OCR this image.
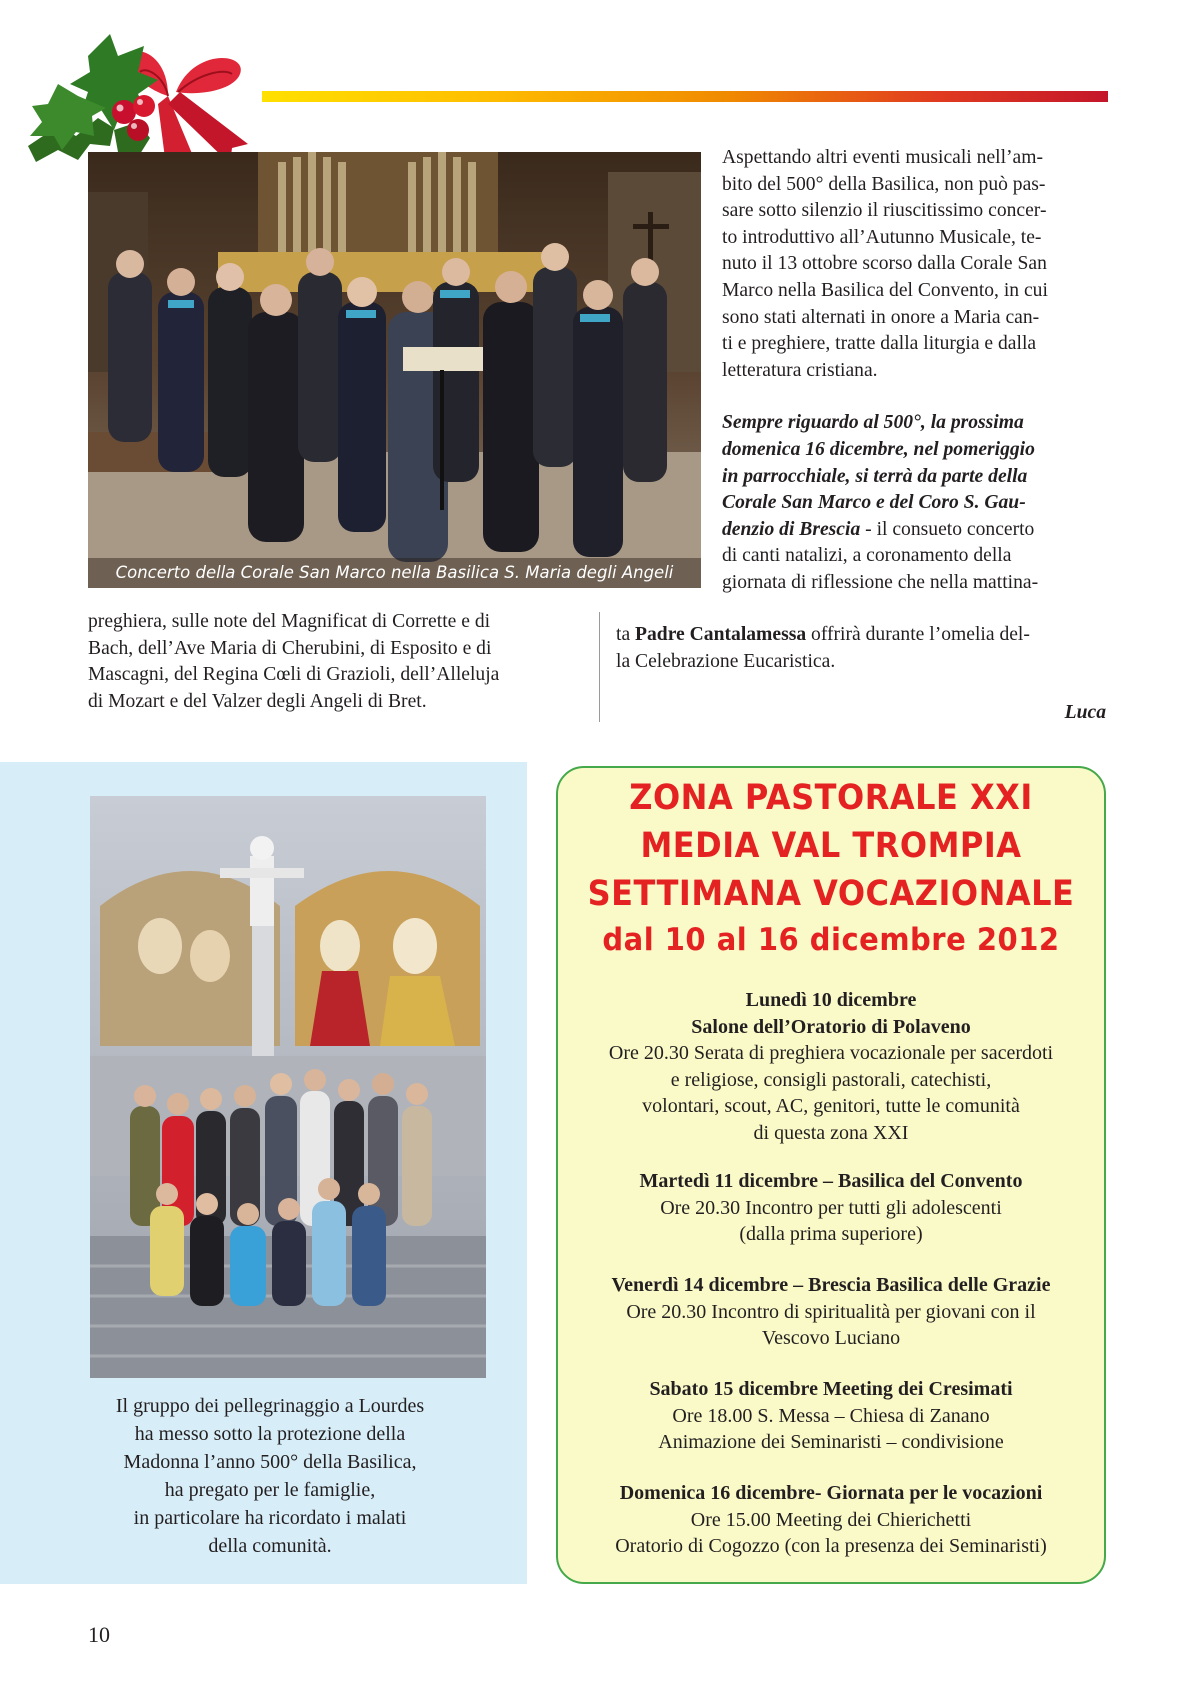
Concerto della Corale San Marco nella Basilica S. Maria degli Angeli

Aspettando altri eventi musicali nell’am-
bito del 500° della Basilica, non può pas-
sare sotto silenzio il riuscitissimo concer-
to introduttivo all’Autunno Musicale, te-
nuto il 13 ottobre scorso dalla Corale San
Marco nella Basilica del Convento, in cui
sono stati alternati in onore a Maria can-
ti e preghiere, tratte dalla liturgia e dalla
letteratura cristiana.

Sempre riguardo al 500°, la prossima
domenica 16 dicembre, nel pomeriggio
in parrocchiale, si terrà da parte della
Corale San Marco e del Coro S. Gau-
denzio di Brescia - il consueto concerto
di canti natalizi, a coronamento della
giornata di riflessione che nella mattina-

ta Padre Cantalamessa offrirà durante l’omelia del-
la Celebrazione Eucaristica.
preghiera, sulle note del Magnificat di Corrette e di
Bach, dell’Ave Maria di Cherubini, di Esposito e di
Mascagni, del Regina Cœli di Grazioli, dell’Alleluja
di Mozart e del Valzer degli Angeli di Bret.
Luca
Il gruppo dei pellegrinaggio a Lourdes
ha messo sotto la protezione della
Madonna l’anno 500° della Basilica,
ha pregato per le famiglie,
in particolare ha ricordato i malati
della comunità.
ZONA PASTORALE XXI
MEDIA VAL TROMPIA
SETTIMANA VOCAZIONALE
dal 10 al 16 dicembre 2012
Lunedì 10 dicembre
Salone dell’Oratorio di Polaveno
Ore 20.30 Serata di preghiera vocazionale per sacerdoti
e religiose, consigli pastorali, catechisti,
volontari, scout, AC, genitori, tutte le comunità
di questa zona XXI
Martedì 11 dicembre – Basilica del Convento
Ore 20.30 Incontro per tutti gli adolescenti
(dalla prima superiore)
Venerdì 14 dicembre – Brescia Basilica delle Grazie
Ore 20.30 Incontro di spiritualità per giovani con il
Vescovo Luciano
Sabato 15 dicembre Meeting dei Cresimati
Ore 18.00 S. Messa – Chiesa di Zanano
Animazione dei Seminaristi – condivisione
Domenica 16 dicembre- Giornata per le vocazioni
Ore 15.00 Meeting dei Chierichetti
Oratorio di Cogozzo (con la presenza dei Seminaristi)
10
